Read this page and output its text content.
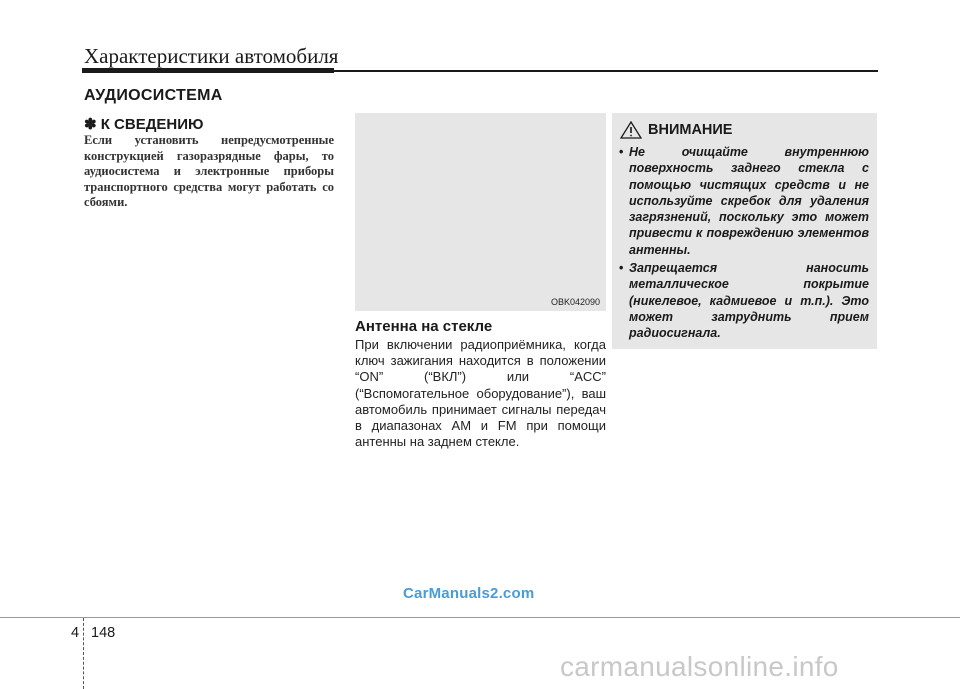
Характеристики автомобиля
АУДИОСИСТЕМА
✽ К СВЕДЕНИЮ
Если установить непредусмотренные конструкцией газоразрядные фары, то аудиосистема и электронные приборы транспортного средства могут работать со сбоями.
OBK042090
Антенна на стекле
При включении радиоприёмника, когда ключ зажигания находится в положении “ON” (“ВКЛ”) или “ACC” (“Вспомогательное оборудование”), ваш автомобиль принимает сигналы передач в диапазонах AM и FM при помощи антенны на заднем стекле.
ВНИМАНИЕ
• Не очищайте внутреннюю поверхность заднего стекла с помощью чистящих средств и не используйте скребок для удаления загрязнений, поскольку это может привести к повреждению элементов антенны.
• Запрещается наносить металлическое покрытие (никелевое, кадмиевое и т.п.). Это может затруднить прием радиосигнала.
CarManuals2.com
4 148
carmanualsonline.info
